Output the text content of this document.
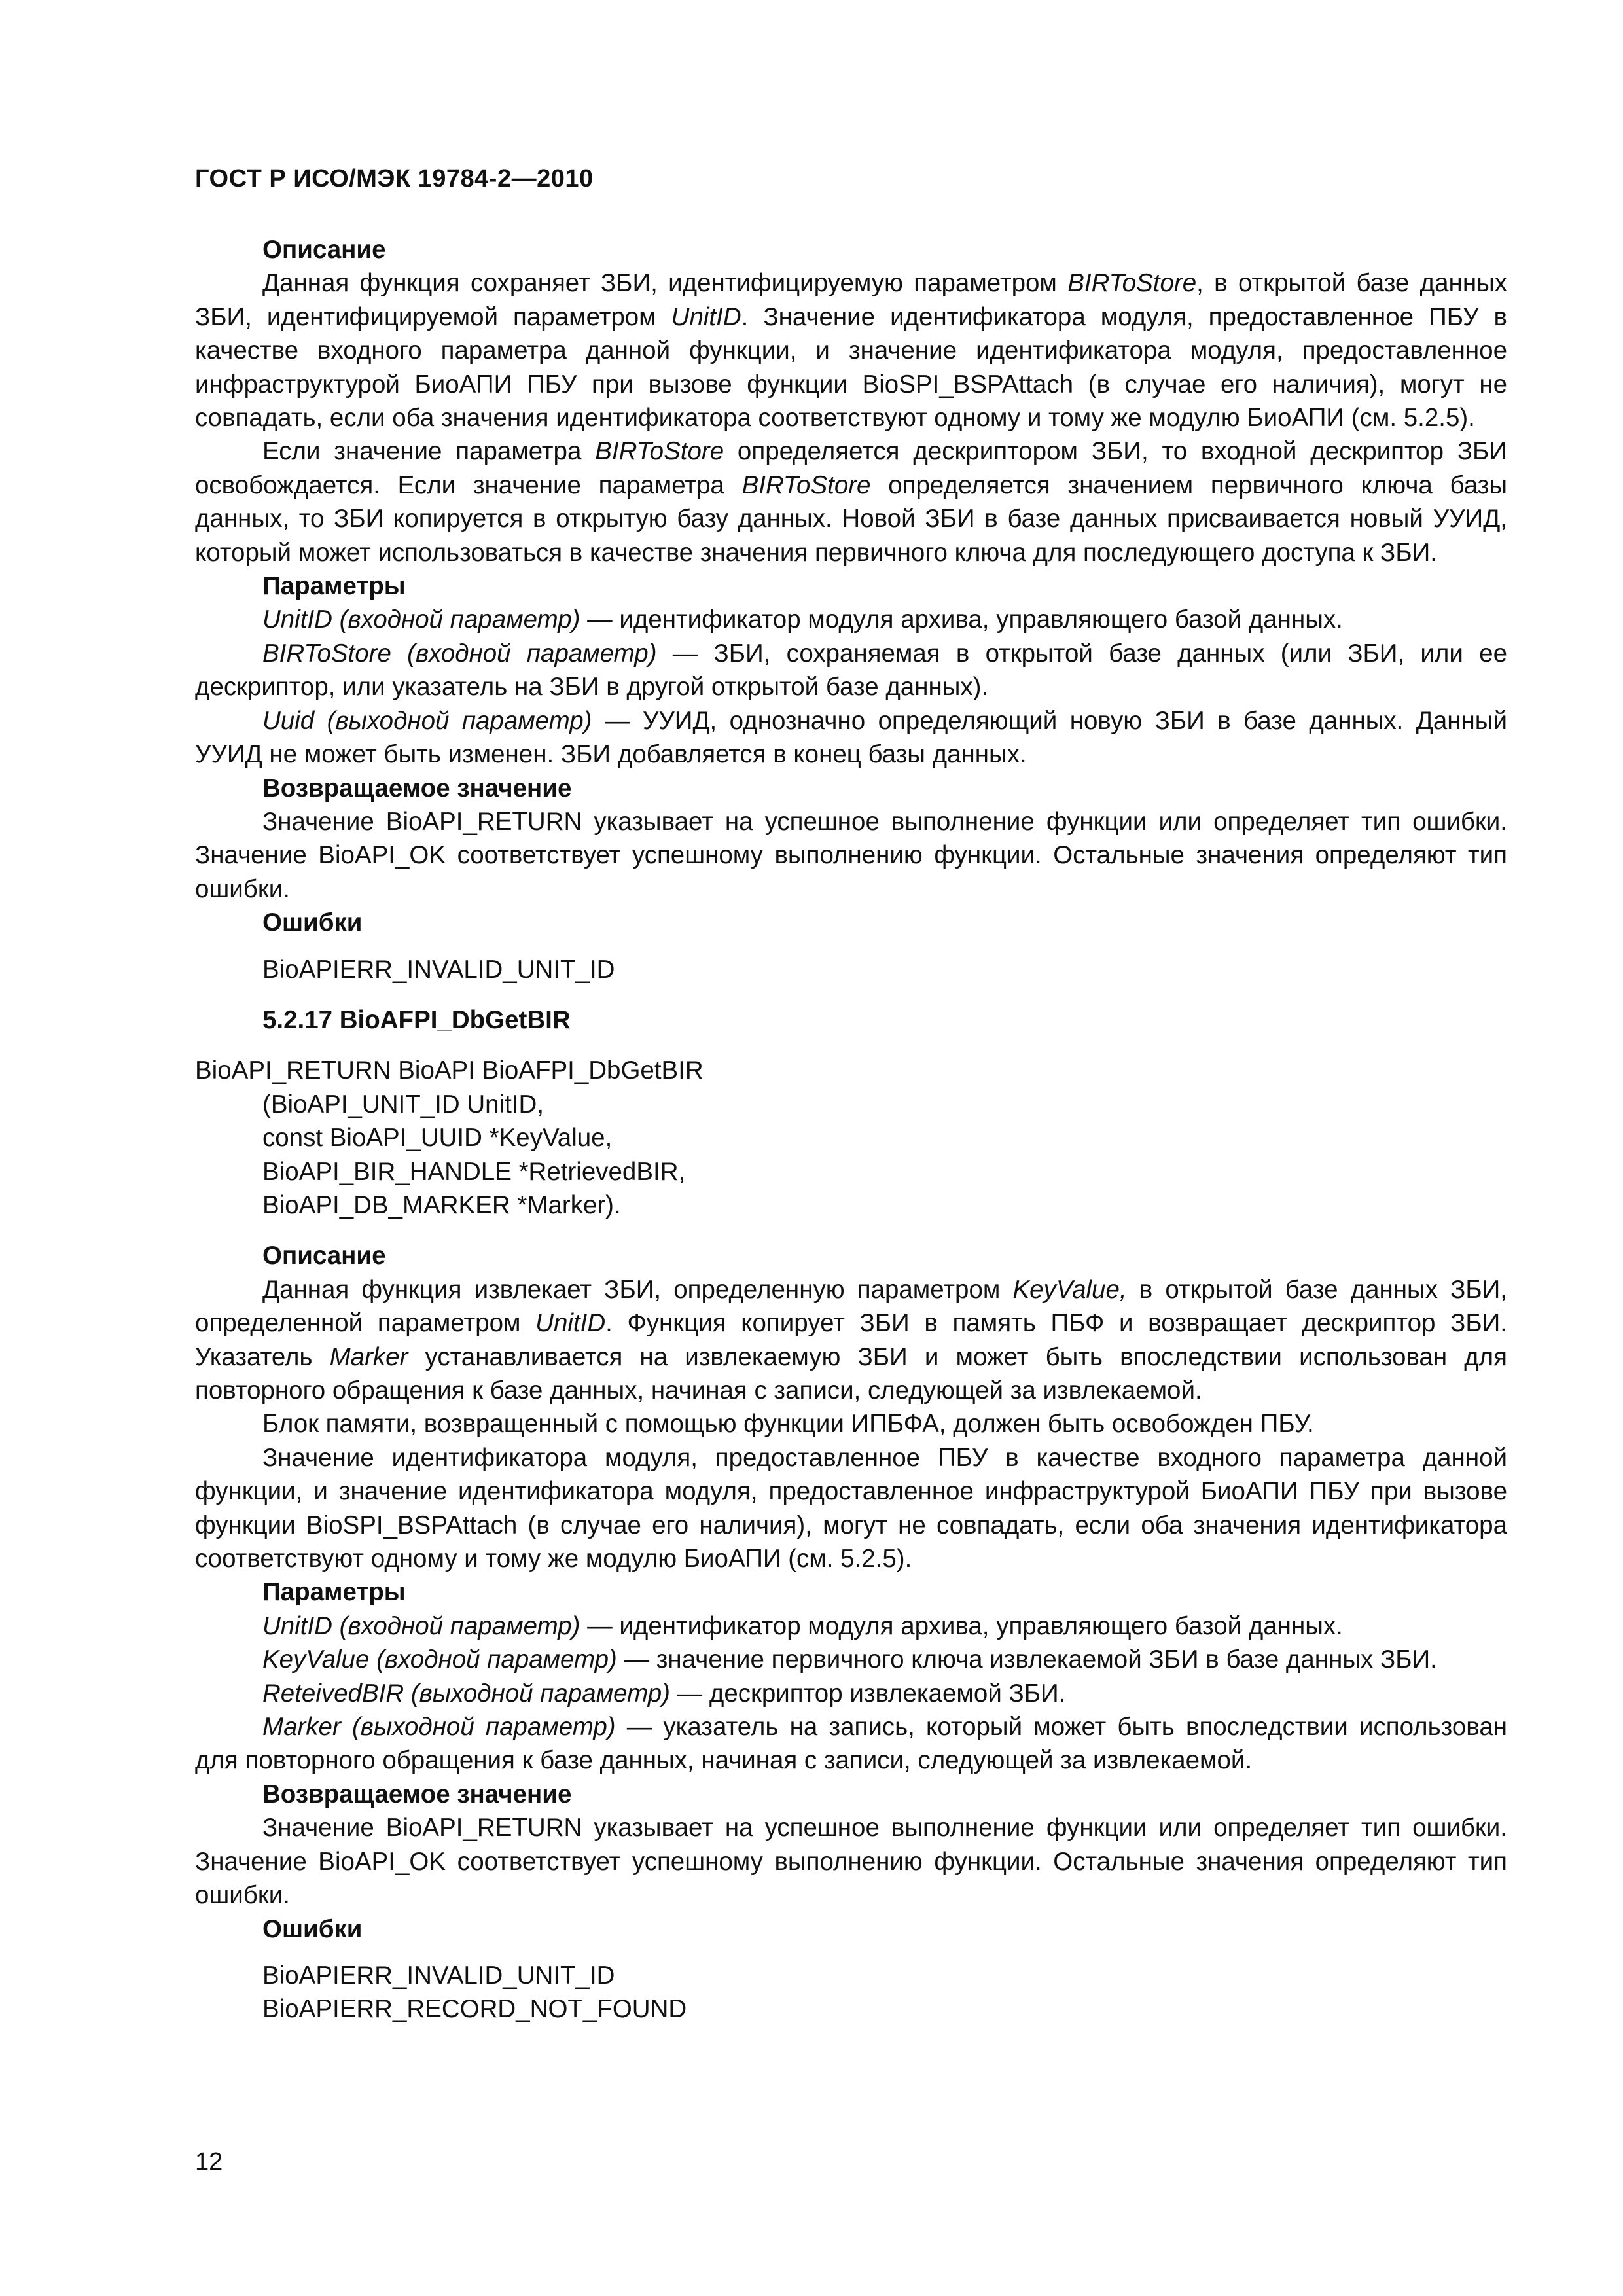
ГОСТ Р ИСО/МЭК 19784-2—2010
Описание
Данная функция сохраняет ЗБИ, идентифицируемую параметром BIRToStore, в открытой базе данных ЗБИ, идентифицируемой параметром UnitID. Значение идентификатора модуля, предоставленное ПБУ в качестве входного параметра данной функции, и значение идентификатора модуля, предоставленное инфраструктурой БиоАПИ ПБУ при вызове функции BioSPI_BSPAttach (в случае его наличия), могут не совпадать, если оба значения идентификатора соответствуют одному и тому же модулю БиоАПИ (см. 5.2.5).
Если значение параметра BIRToStore определяется дескриптором ЗБИ, то входной дескриптор ЗБИ освобождается. Если значение параметра BIRToStore определяется значением первичного ключа базы данных, то ЗБИ копируется в открытую базу данных. Новой ЗБИ в базе данных присваивается новый УУИД, который может использоваться в качестве значения первичного ключа для последующего доступа к ЗБИ.
Параметры
UnitID (входной параметр) — идентификатор модуля архива, управляющего базой данных.
BIRToStore (входной параметр) — ЗБИ, сохраняемая в открытой базе данных (или ЗБИ, или ее дескриптор, или указатель на ЗБИ в другой открытой базе данных).
Uuid (выходной параметр) — УУИД, однозначно определяющий новую ЗБИ в базе данных. Данный УУИД не может быть изменен. ЗБИ добавляется в конец базы данных.
Возвращаемое значение
Значение BioAPI_RETURN указывает на успешное выполнение функции или определяет тип ошибки. Значение BioAPI_OK соответствует успешному выполнению функции. Остальные значения определяют тип ошибки.
Ошибки
BioAPIERR_INVALID_UNIT_ID
5.2.17 BioAFPI_DbGetBIR
BioAPI_RETURN BioAPI BioAFPI_DbGetBIR
(BioAPI_UNIT_ID UnitID,
const BioAPI_UUID *KeyValue,
BioAPI_BIR_HANDLE *RetrievedBIR,
BioAPI_DB_MARKER *Marker).
Описание
Данная функция извлекает ЗБИ, определенную параметром KeyValue, в открытой базе данных ЗБИ, определенной параметром UnitID. Функция копирует ЗБИ в память ПБФ и возвращает дескриптор ЗБИ. Указатель Marker устанавливается на извлекаемую ЗБИ и может быть впоследствии использован для повторного обращения к базе данных, начиная с записи, следующей за извлекаемой.
Блок памяти, возвращенный с помощью функции ИПБФА, должен быть освобожден ПБУ.
Значение идентификатора модуля, предоставленное ПБУ в качестве входного параметра данной функции, и значение идентификатора модуля, предоставленное инфраструктурой БиоАПИ ПБУ при вызове функции BioSPI_BSPAttach (в случае его наличия), могут не совпадать, если оба значения идентификатора соответствуют одному и тому же модулю БиоАПИ (см. 5.2.5).
Параметры
UnitID (входной параметр) — идентификатор модуля архива, управляющего базой данных.
KeyValue (входной параметр) — значение первичного ключа извлекаемой ЗБИ в базе данных ЗБИ.
ReteivedBIR (выходной параметр) — дескриптор извлекаемой ЗБИ.
Marker (выходной параметр) — указатель на запись, который может быть впоследствии использован для повторного обращения к базе данных, начиная с записи, следующей за извлекаемой.
Возвращаемое значение
Значение BioAPI_RETURN указывает на успешное выполнение функции или определяет тип ошибки. Значение BioAPI_OK соответствует успешному выполнению функции. Остальные значения определяют тип ошибки.
Ошибки
BioAPIERR_INVALID_UNIT_ID
BioAPIERR_RECORD_NOT_FOUND
12
